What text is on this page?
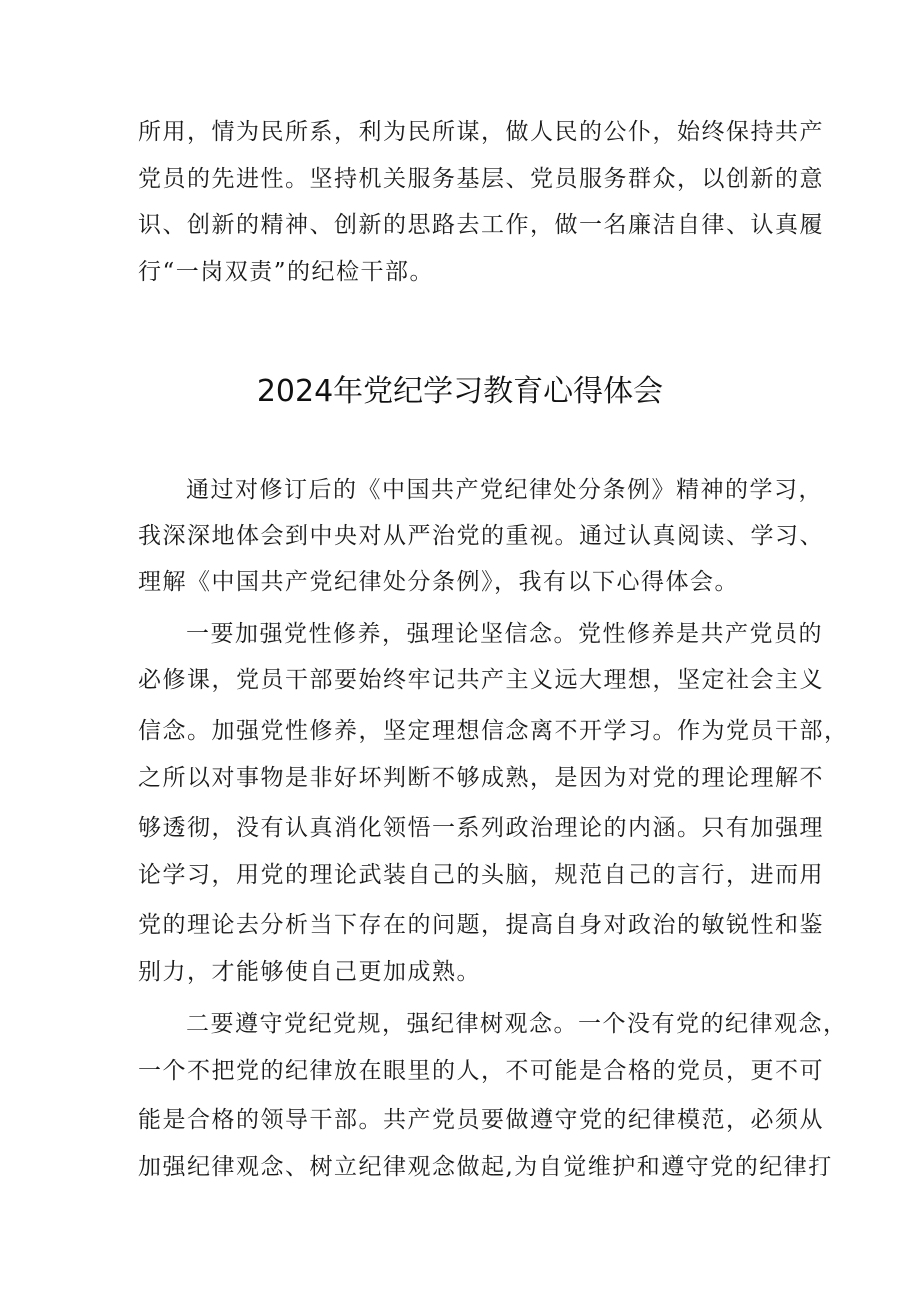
所用，情为民所系，利为民所谋，做人民的公仆，始终保持共产
党员的先进性。坚持机关服务基层、党员服务群众，以创新的意
识、创新的精神、创新的思路去工作，做一名廉洁自律、认真履
行“一岗双责”的纪检干部。
2024年党纪学习教育心得体会
通过对修订后的《中国共产党纪律处分条例》精神的学习，
我深深地体会到中央对从严治党的重视。通过认真阅读、学习、
理解《中国共产党纪律处分条例》，我有以下心得体会。
一要加强党性修养，强理论坚信念。党性修养是共产党员的
必修课，党员干部要始终牢记共产主义远大理想，坚定社会主义
信念。加强党性修养，坚定理想信念离不开学习。作为党员干部，
之所以对事物是非好坏判断不够成熟，是因为对党的理论理解不
够透彻，没有认真消化领悟一系列政治理论的内涵。只有加强理
论学习，用党的理论武装自己的头脑，规范自己的言行，进而用
党的理论去分析当下存在的问题，提高自身对政治的敏锐性和鉴
别力，才能够使自己更加成熟。
二要遵守党纪党规，强纪律树观念。一个没有党的纪律观念，
一个不把党的纪律放在眼里的人，不可能是合格的党员，更不可
能是合格的领导干部。共产党员要做遵守党的纪律模范，必须从
加强纪律观念、树立纪律观念做起,为自觉维护和遵守党的纪律打
